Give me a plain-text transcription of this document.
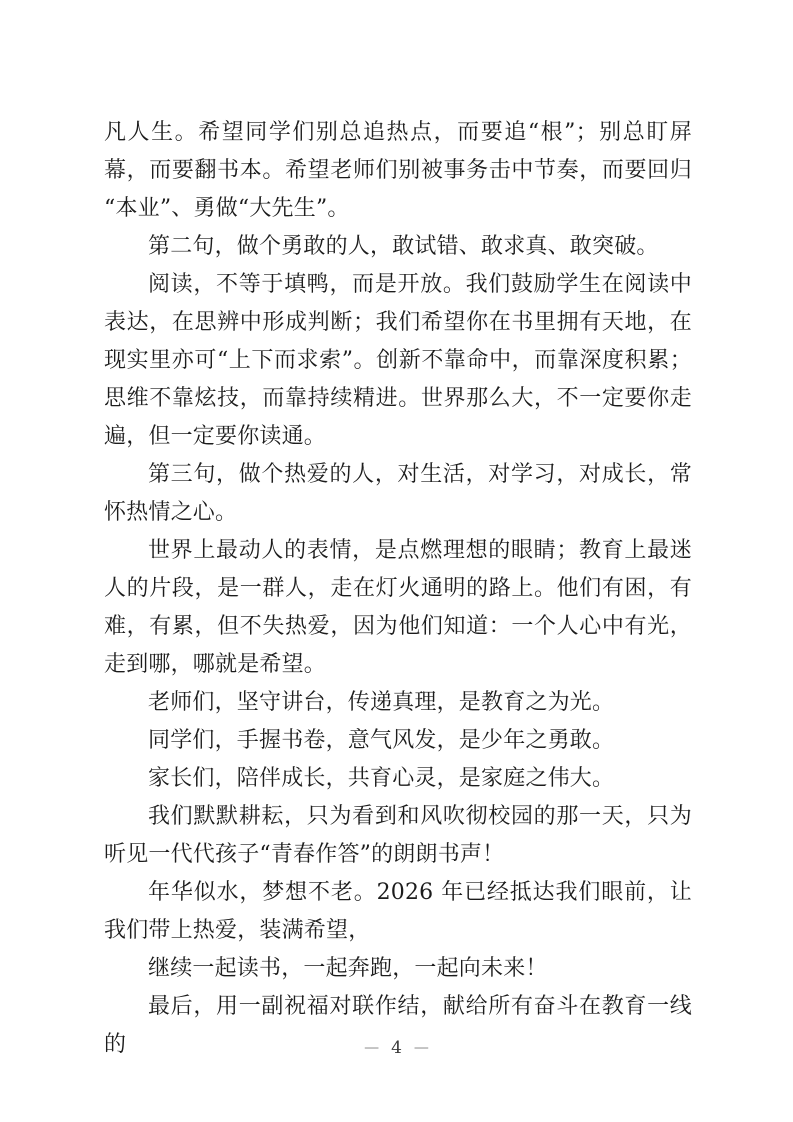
凡人生。希望同学们别总追热点，而要追“根”；别总盯屏幕，而要翻书本。希望老师们别被事务击中节奏，而要回归“本业”、勇做“大先生”。

第二句，做个勇敢的人，敢试错、敢求真、敢突破。

阅读，不等于填鸭，而是开放。我们鼓励学生在阅读中表达，在思辨中形成判断；我们希望你在书里拥有天地，在现实里亦可“上下而求索”。创新不靠命中，而靠深度积累；思维不靠炫技，而靠持续精进。世界那么大，不一定要你走遍，但一定要你读通。

第三句，做个热爱的人，对生活，对学习，对成长，常怀热情之心。

世界上最动人的表情，是点燃理想的眼睛；教育上最迷人的片段，是一群人，走在灯火通明的路上。他们有困，有难，有累，但不失热爱，因为他们知道：一个人心中有光，走到哪，哪就是希望。

老师们，坚守讲台，传递真理，是教育之为光。

同学们，手握书卷，意气风发，是少年之勇敢。

家长们，陪伴成长，共育心灵，是家庭之伟大。

我们默默耕耘，只为看到和风吹彻校园的那一天，只为听见一代代孩子“青春作答”的朗朗书声！

年华似水，梦想不老。2026 年已经抵达我们眼前，让我们带上热爱，装满希望，

继续一起读书，一起奔跑，一起向未来！

最后，用一副祝福对联作结，献给所有奋斗在教育一线的	— 4 —
